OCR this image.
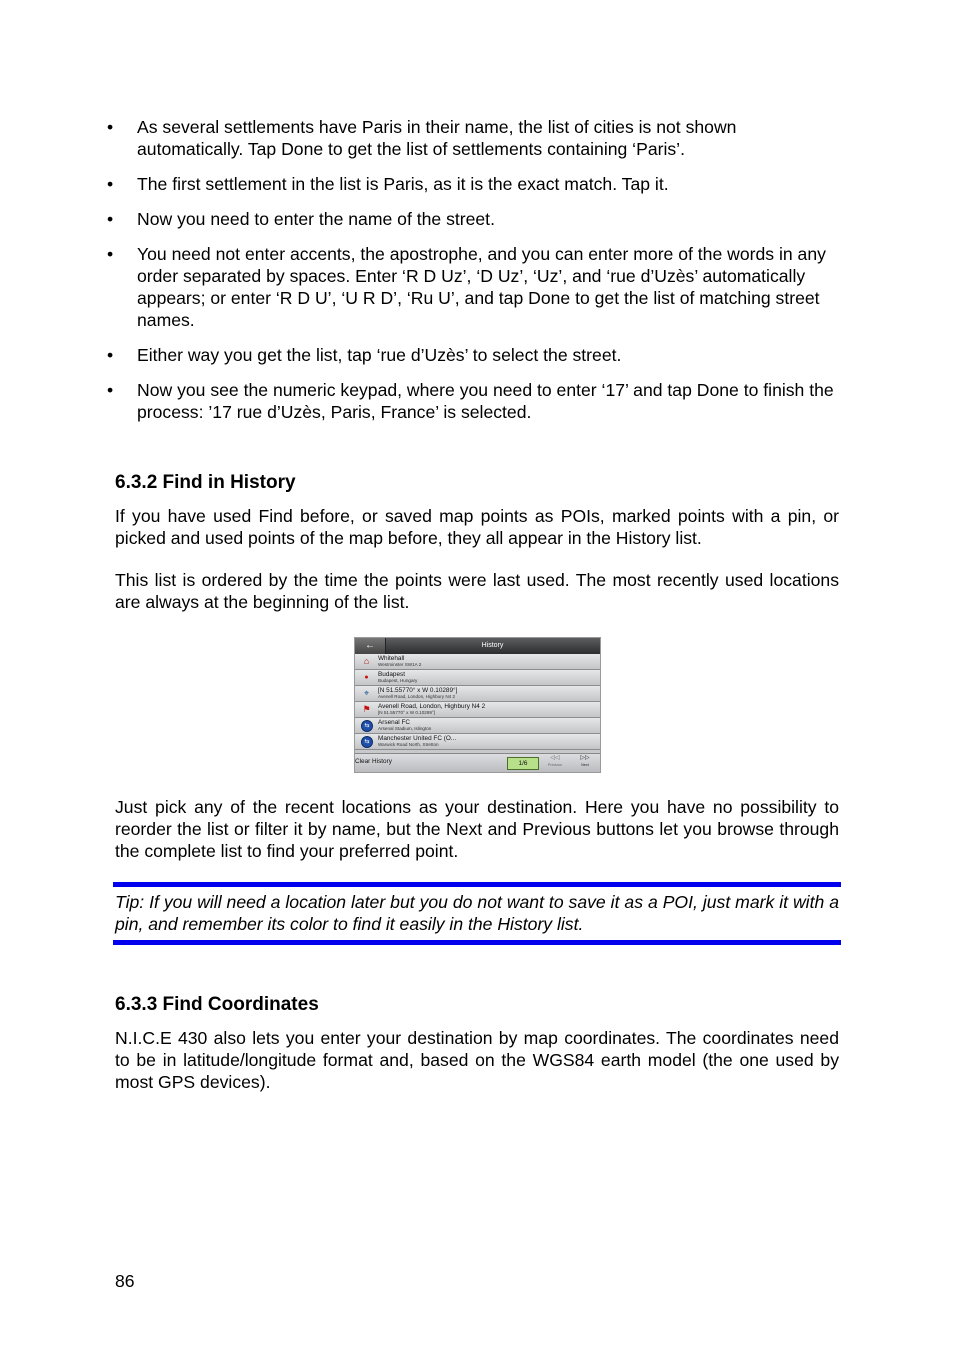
• As several settlements have Paris in their name, the list of cities is not shown automatically. Tap Done to get the list of settlements containing ‘Paris’.
• The first settlement in the list is Paris, as it is the exact match. Tap it.
• Now you need to enter the name of the street.
• You need not enter accents, the apostrophe, and you can enter more of the words in any order separated by spaces. Enter ‘R D Uz’, ‘D Uz’, ‘Uz’, and ‘rue d’Uzès’ automatically appears; or enter ‘R D U’, ‘U R D’, ‘Ru U’, and tap Done to get the list of matching street names.
• Either way you get the list, tap ‘rue d’Uzès’ to select the street.
• Now you see the numeric keypad, where you need to enter ‘17’ and tap Done to finish the process: ’17 rue d’Uzès, Paris, France’ is selected.
6.3.2 Find in History

If you have used Find before, or saved map points as POIs, marked points with a pin, or picked and used points of the map before, they all appear in the History list.

This list is ordered by the time the points were last used. The most recently used locations are always at the beginning of the list.

←	History
⌂	Whitehall
Westminster SW1A 2
●	Budapest
Budapest, Hungary
⌖	[N 51.55770° x W 0.10289°]
Avenell Road, London, Highbury N4 2
⚑	Avenell Road, London, Highbury N4 2
[N 51.55770° x W 0.10289°]
⇆	Arsenal FC
Arsenal Stadium, Islington
⇆	Manchester United FC (O...
Warwick Road North, Stretton
Clear History	1/6
◁◁
Previous
▷▷
Next

Just pick any of the recent locations as your destination. Here you have no possibility to reorder the list or filter it by name, but the Next and Previous buttons let you browse through the complete list to find your preferred point.

Tip: If you will need a location later but you do not want to save it as a POI, just mark it with a pin, and remember its color to find it easily in the History list.

6.3.3 Find Coordinates

N.I.C.E 430 also lets you enter your destination by map coordinates. The coordinates need to be in latitude/longitude format and, based on the WGS84 earth model (the one used by most GPS devices).

86
